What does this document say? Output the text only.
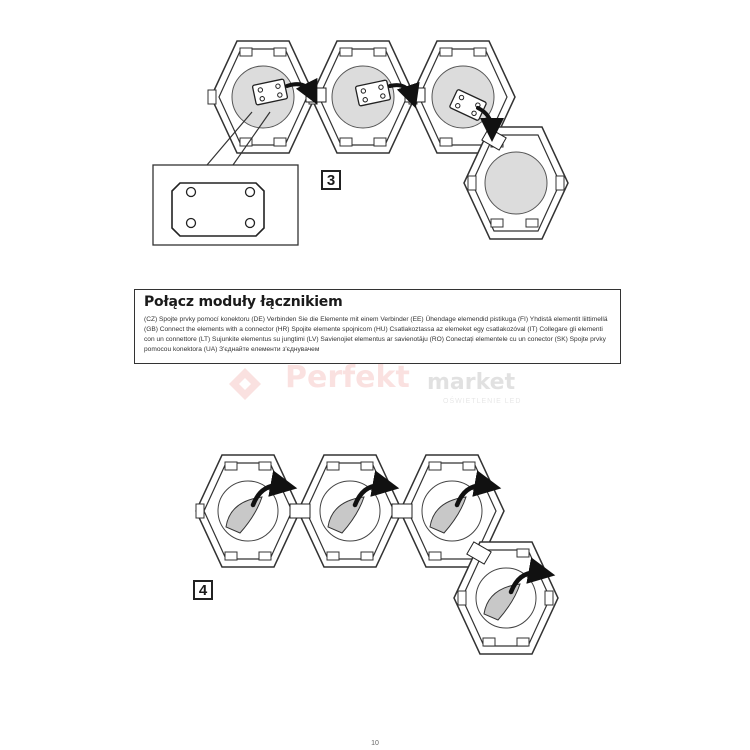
3
4
Perfekt market
OŚWIETLENIE LED

Połącz moduły łącznikiem

(CZ) Spojte prvky pomocí konektoru (DE) Verbinden Sie die Elemente mit einem Verbinder (EE) Ühendage elemendid pistikuga (FI) Yhdistä elementit liittimellä (GB) Connect the elements with a connector (HR) Spojite elemente spojnicom (HU) Csatlakoztassa az elemeket egy csatlakozóval (IT) Collegare gli elementi con un connettore (LT) Sujunkite elementus su jungtimi (LV) Savienojiet elementus ar savienotāju (RO) Conectați elementele cu un conector (SK) Spojte prvky pomocou konektora (UA) З'єднайте елементи з'єднувачем

10
